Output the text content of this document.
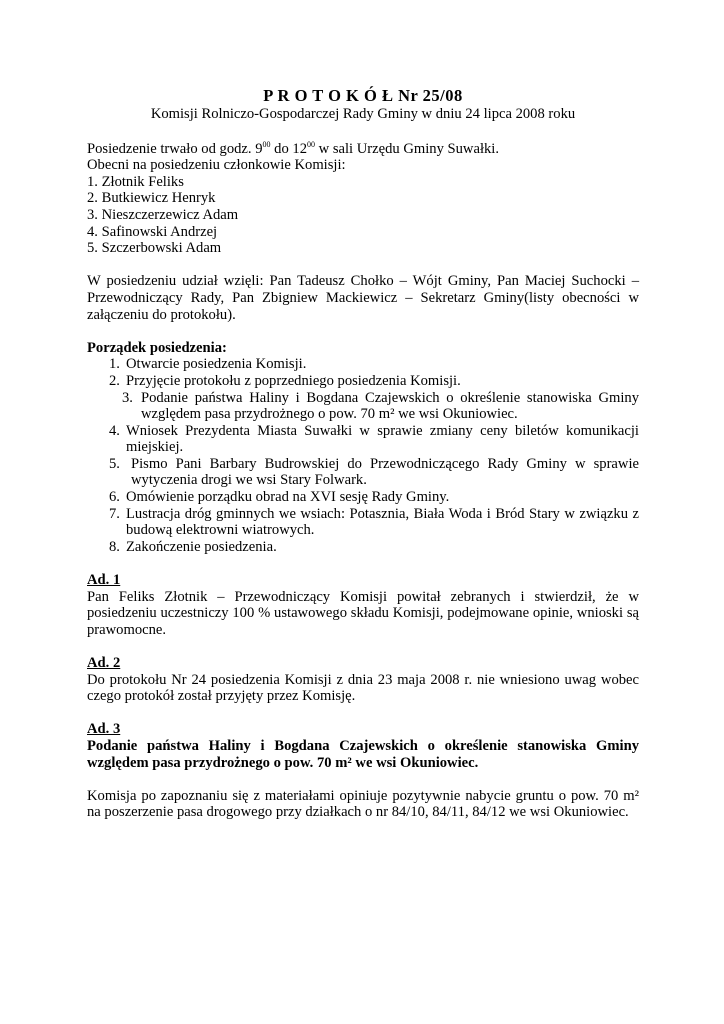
P R O T O K Ó Ł Nr 25/08
Komisji Rolniczo-Gospodarczej Rady Gminy w dniu 24 lipca 2008 roku

Posiedzenie trwało od godz. $9^{00}$ do $12^{00}$ w sali Urzędu Gminy Suwałki.

Obecni na posiedzeniu członkowie Komisji:

1. Złotnik Feliks

2. Butkiewicz Henryk

3. Nieszczerzewicz Adam

4. Safinowski Andrzej

5. Szczerbowski Adam

W posiedzeniu udział wzięli: Pan Tadeusz Chołko – Wójt Gminy, Pan Maciej Suchocki – Przewodniczący Rady, Pan Zbigniew Mackiewicz – Sekretarz Gminy(listy obecności w załączeniu do protokołu).

Porządek posiedzenia:

1. Otwarcie posiedzenia Komisji.
2. Przyjęcie protokołu z poprzedniego posiedzenia Komisji.
3. Podanie państwa Haliny i Bogdana Czajewskich o określenie stanowiska Gminy względem pasa przydrożnego o pow. 70 m² we wsi Okuniowiec.
4. Wniosek Prezydenta Miasta Suwałki w sprawie zmiany ceny biletów komunikacji miejskiej.
5. Pismo Pani Barbary Budrowskiej do Przewodniczącego Rady Gminy w sprawie wytyczenia drogi we wsi Stary Folwark.
6. Omówienie porządku obrad na XVI sesję Rady Gminy.
7. Lustracja dróg gminnych we wsiach: Potasznia, Biała Woda i Bród Stary w związku z budową elektrowni wiatrowych.
8. Zakończenie posiedzenia.

Ad. 1

Pan Feliks Złotnik – Przewodniczący Komisji powitał zebranych i stwierdził, że w posiedzeniu uczestniczy 100 % ustawowego składu Komisji, podejmowane opinie, wnioski są prawomocne.

Ad. 2

Do protokołu Nr 24 posiedzenia Komisji z dnia 23 maja 2008 r. nie wniesiono uwag wobec czego protokół został przyjęty przez Komisję.

Ad. 3

Podanie państwa Haliny i Bogdana Czajewskich o określenie stanowiska Gminy względem pasa przydrożnego o pow. 70 m² we wsi Okuniowiec.

Komisja po zapoznaniu się z materiałami opiniuje pozytywnie nabycie gruntu o pow. 70 m² na poszerzenie pasa drogowego przy działkach o nr 84/10, 84/11, 84/12 we wsi Okuniowiec.
